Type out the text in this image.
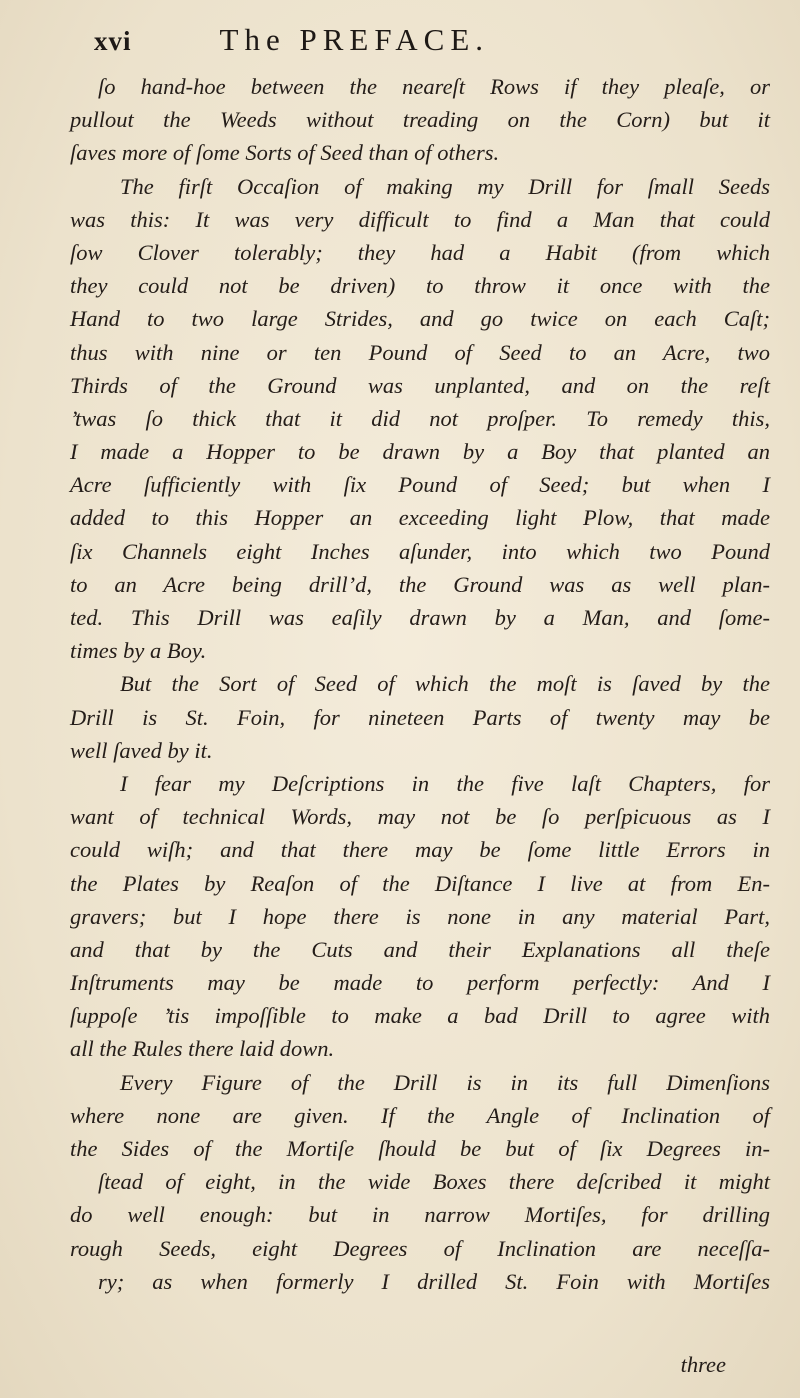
xvi	The PREFACE.
ſo hand-hoe between the neareſt Rows if they pleaſe, or
pullout the Weeds without treading on the Corn) but it
ſaves more of ſome Sorts of Seed than of others.
The firſt Occaſion of making my Drill for ſmall Seeds
was this: It was very difficult to find a Man that could
ſow Clover tolerably; they had a Habit (from which
they could not be driven) to throw it once with the
Hand to two large Strides, and go twice on each Caſt;
thus with nine or ten Pound of Seed to an Acre, two
Thirds of the Ground was unplanted, and on the reſt
’twas ſo thick that it did not proſper. To remedy this,
I made a Hopper to be drawn by a Boy that planted an
Acre ſufficiently with ſix Pound of Seed; but when I
added to this Hopper an exceeding light Plow, that made
ſix Channels eight Inches aſunder, into which two Pound
to an Acre being drill’d, the Ground was as well plan-
ted. This Drill was eaſily drawn by a Man, and ſome-
times by a Boy.
But the Sort of Seed of which the moſt is ſaved by the
Drill is St. Foin, for nineteen Parts of twenty may be
well ſaved by it.
I fear my Deſcriptions in the five laſt Chapters, for
want of technical Words, may not be ſo perſpicuous as I
could wiſh; and that there may be ſome little Errors in
the Plates by Reaſon of the Diſtance I live at from En-
gravers; but I hope there is none in any material Part,
and that by the Cuts and their Explanations all theſe
Inſtruments may be made to perform perfectly: And I
ſuppoſe ’tis impoſſible to make a bad Drill to agree with
all the Rules there laid down.
Every Figure of the Drill is in its full Dimenſions
where none are given. If the Angle of Inclination of
the Sides of the Mortiſe ſhould be but of ſix Degrees in-
ſtead of eight, in the wide Boxes there deſcribed it might
do well enough: but in narrow Mortiſes, for drilling
rough Seeds, eight Degrees of Inclination are neceſſa-
ry; as when formerly I drilled St. Foin with Mortiſes
three
